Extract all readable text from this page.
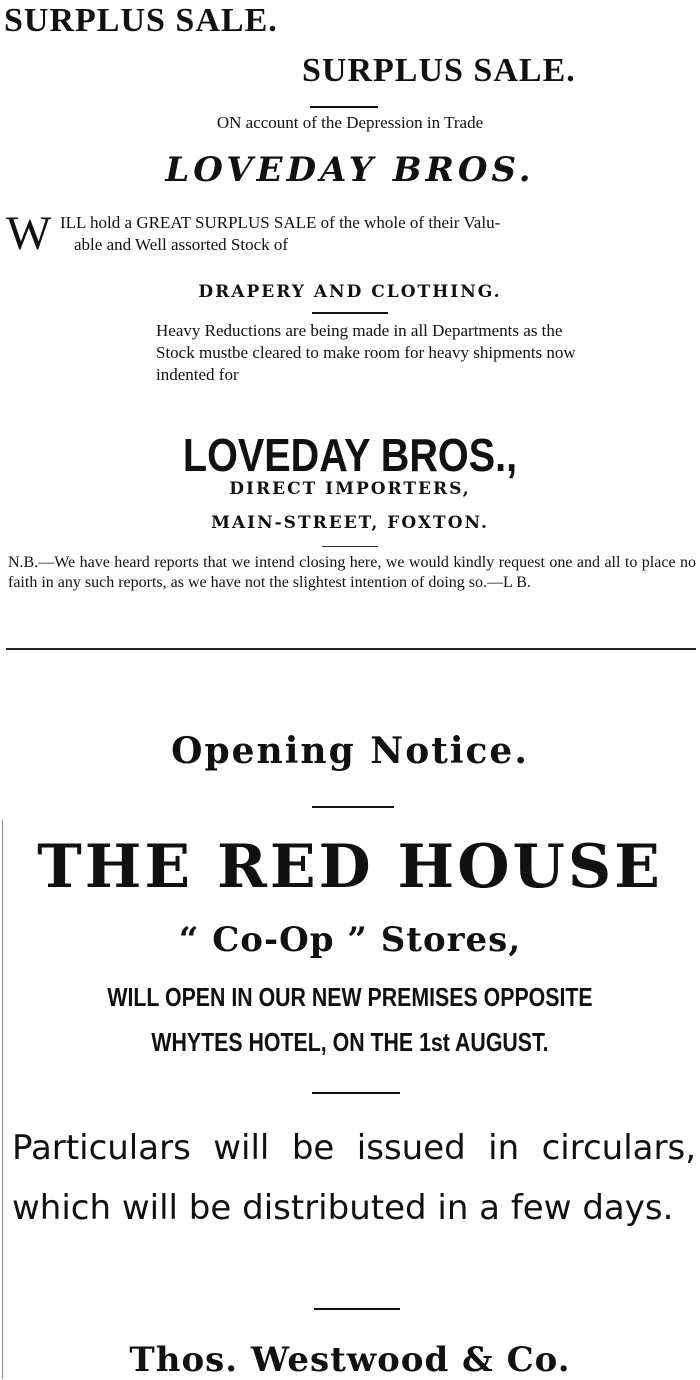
SURPLUS SALE.
SURPLUS SALE.
ON account of the Depression in Trade
LOVEDAY BROS.
W ILL hold a GREAT SURPLUS SALE of the whole of their Valu-
able and Well assorted Stock of
DRAPERY AND CLOTHING.
Heavy Reductions are being made in all Departments as the Stock mustbe cleared to make room for heavy shipments now indented for
LOVEDAY BROS.,
DIRECT IMPORTERS,
MAIN-STREET, FOXTON.
N.B.—We have heard reports that we intend closing here, we would kindly request one and all to place no faith in any such reports, as we have not the slightest intention of doing so.—L B.
Opening Notice.
THE RED HOUSE
“ Co-Op ” Stores,
WILL OPEN IN OUR NEW PREMISES OPPOSITE
WHYTES HOTEL, ON THE 1st AUGUST.
Particulars will be issued in circulars, which will be distributed in a few days.
Thos. Westwood & Co.
